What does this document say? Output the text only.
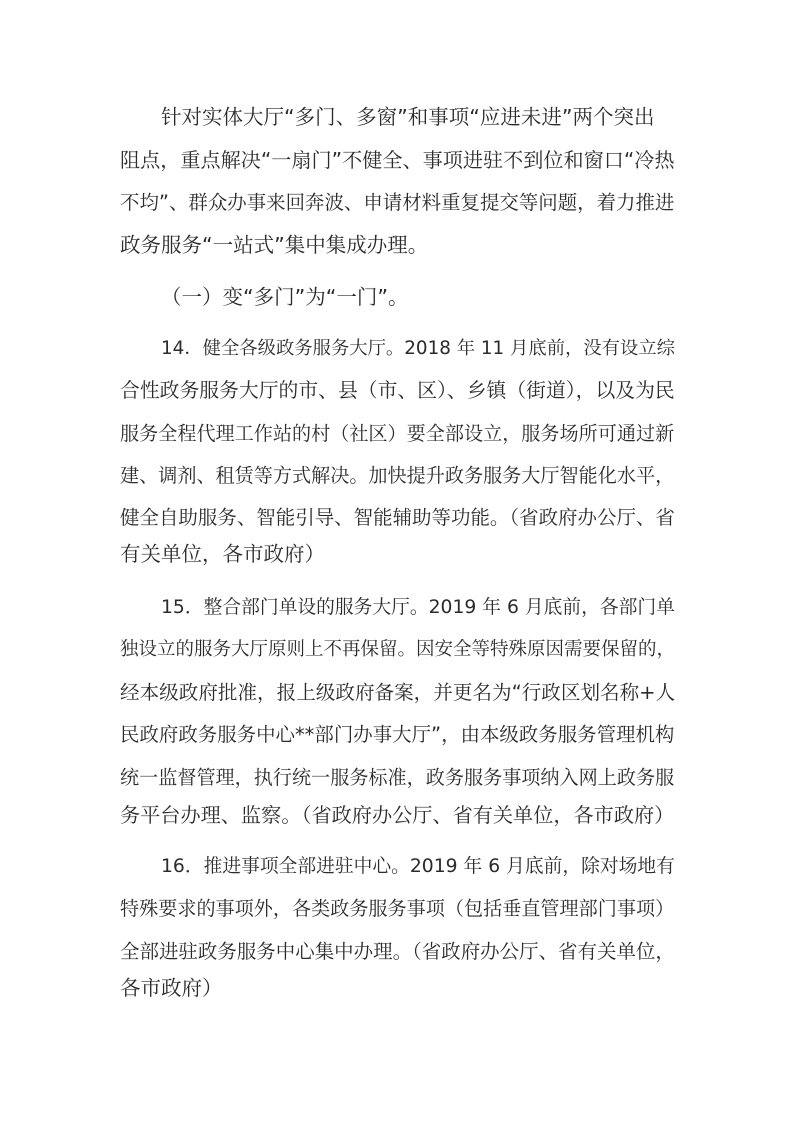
针对实体大厅“多门、多窗”和事项“应进未进”两个突出

阻点，重点解决“一扇门”不健全、事项进驻不到位和窗口“冷热

不均”、群众办事来回奔波、申请材料重复提交等问题，着力推进

政务服务“一站式”集中集成办理。

（一）变“多门”为“一门”。

14．健全各级政务服务大厅。2018 年 11 月底前，没有设立综

合性政务服务大厅的市、县（市、区）、乡镇（街道），以及为民

服务全程代理工作站的村（社区）要全部设立，服务场所可通过新

建、调剂、租赁等方式解决。加快提升政务服务大厅智能化水平，

健全自助服务、智能引导、智能辅助等功能。（省政府办公厅、省

有关单位，各市政府）

15．整合部门单设的服务大厅。2019 年 6 月底前，各部门单

独设立的服务大厅原则上不再保留。因安全等特殊原因需要保留的，

经本级政府批准，报上级政府备案，并更名为“行政区划名称+人

民政府政务服务中心**部门办事大厅”，由本级政务服务管理机构

统一监督管理，执行统一服务标准，政务服务事项纳入网上政务服

务平台办理、监察。（省政府办公厅、省有关单位，各市政府）

16．推进事项全部进驻中心。2019 年 6 月底前，除对场地有

特殊要求的事项外，各类政务服务事项（包括垂直管理部门事项）

全部进驻政务服务中心集中办理。（省政府办公厅、省有关单位，

各市政府）
